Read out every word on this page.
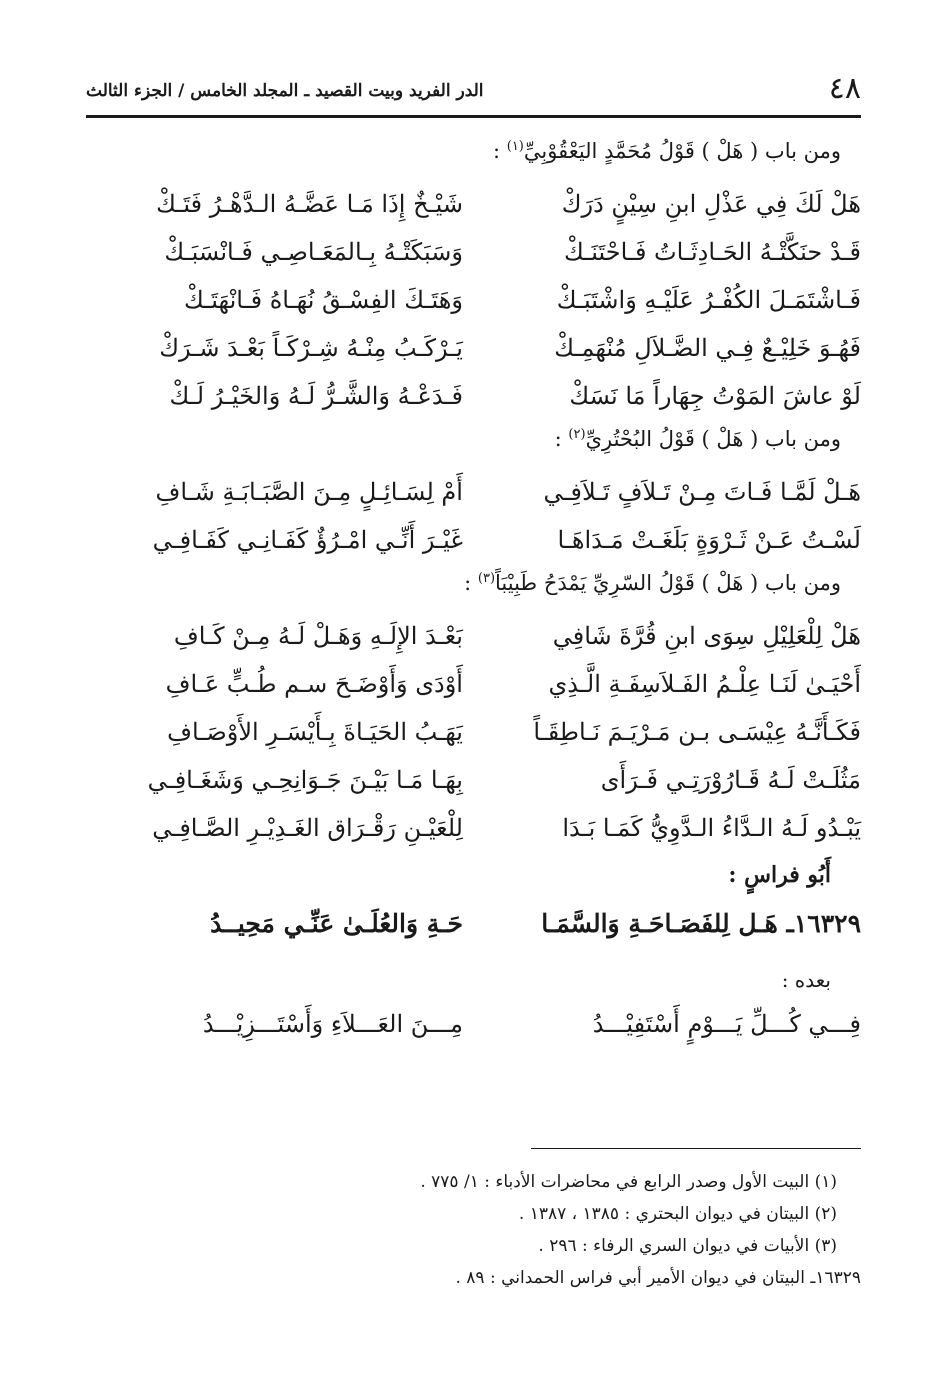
٤٨
الدر الفريد وبيت القصيد ـ المجلد الخامس / الجزء الثالث
ومن باب ( هَلْ ) قَوْلُ مُحَمَّدٍ اليَعْقُوْبِيِّ$^{(١)}$ :
هَلْ لَكَ فِي عَذْلِ ابنِ سِيْنٍ دَرَكْ
شَيْـخٌ إِذَا مَـا عَضَّـهُ الـدَّهْـرُ فَتَـكْ
قَـدْ حنَكَّتْـهُ الحَـادِثَـاتُ فَـاحْتَنَـكْ
وَسَبَكَتْـهُ بِـالمَعَـاصِـي فَـانْسَبَـكْ
فَـاشْتَمَـلَ الكُفْـرُ عَلَيْـهِ وَاشْتَبَـكْ
وَهَتَـكَ الفِسْـقُ نُهَـاهُ فَـانْهَتَـكْ
فَهُـوَ خَلِيْـعٌ فِـي الضَّـلاَلِ مُنْهَمِـكْ
يَـرْكَـبُ مِنْـهُ شِـرْكَـاً بَعْـدَ شَـرَكْ
لَوْ عاشَ المَوْتُ جِهَاراً مَا نَسَكْ
فَـدَعْـهُ وَالشَّـرُّ لَـهُ وَالخَيْـرُ لَـكْ
ومن باب ( هَلْ ) قَوْلُ البُحْتُرِيِّ$^{(٢)}$ :
هَـلْ لَمَّـا فَـاتَ مِـنْ تَـلاَفٍ تَـلاَفِـي
أَمْ لِسَـائِـلٍ مِـنَ الصَّبَـابَـةِ شَـافِ
لَسْـتُ عَـنْ ثَـرْوَةٍ بَلَغَـتْ مَـدَاهَـا
غَيْـرَ أَنِّـي امْـرُؤٌ كَفَـانِـي كَفَـافِـي
ومن باب ( هَلْ ) قَوْلُ السّرِيِّ يَمْدَحُ طَبِيْبَاً$^{(٣)}$ :
هَلْ لِلْعَلِيْلِ سِوَى ابنِ قُرَّةَ شَافِي
بَعْـدَ الإِلَـهِ وَهَـلْ لَـهُ مِـنْ كَـافِ
أَحْيَـىٰ لَنَـا عِلْـمُ الفَـلاَسِفَـةِ الَّـذِي
أَوْدَى وَأَوْضَـحَ سـم طُـبٍّ عَـافِ
فَكَـأَنَّـهُ عِيْسَـى بـن مَـرْيَـمَ نَـاطِقَـاً
يَهَـبُ الحَيَـاةَ بِـأَيْسَـرِ الأَوْصَـافِ
مَثُلَـتْ لَـهُ قَـارُوْرَتِـي فَـرَأَى
بِهَـا مَـا بَيْـنَ جَـوَانِحِـي وَشَغَـافِـي
يَبْـدُو لَـهُ الـدَّاءُ الـدَّوِيُّ كَمَـا بَـدَا
لِلْعَيْـنِ رَقْـرَاق الغَـدِيْـرِ الصَّـافِـي
أَبُو فراسٍ :
١٦٣٢٩ـ هَـل لِلفَصَـاحَـةِ وَالسَّمَـا
حَـةِ وَالعُلَـىٰ عَنِّـي مَحِيــدُ
بعده :
فِـــي كُـــلِّ يَـــوْمٍ أَسْتَفِيْـــدُ
مِـــنَ العَـــلاَءِ وَأَسْتَـــزِيْـــدُ
(١) البيت الأول وصدر الرابع في محاضرات الأدباء : ١/ ٧٧٥ .
(٢) البيتان في ديوان البحتري : ١٣٨٥ ، ١٣٨٧ .
(٣) الأبيات في ديوان السري الرفاء : ٢٩٦ .
١٦٣٢٩ـ البيتان في ديوان الأمير أبي فراس الحمداني : ٨٩ .
